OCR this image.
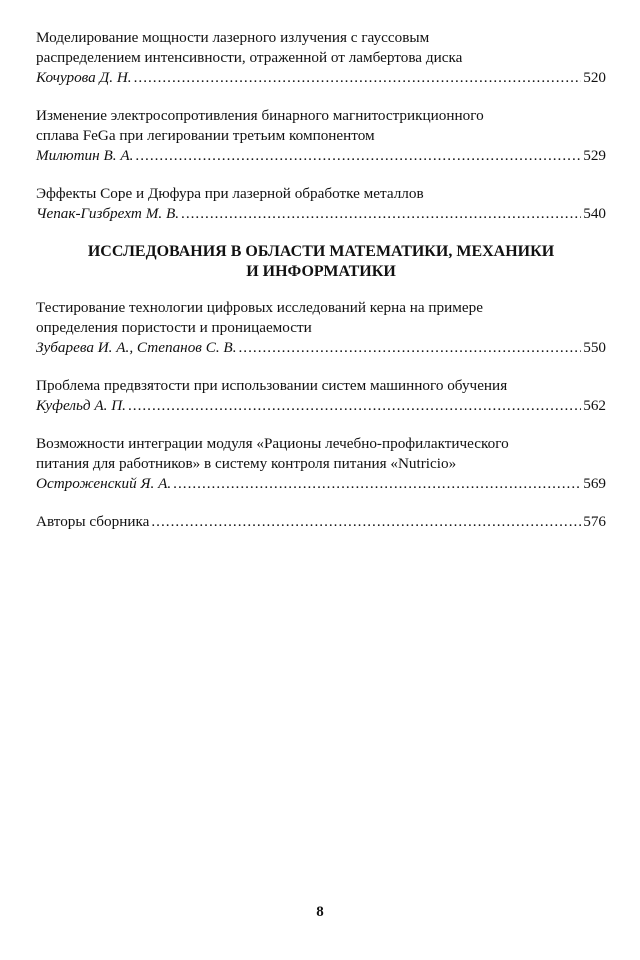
Моделирование мощности лазерного излучения с гауссовым
распределением интенсивности, отраженной от ламбертова диска
Кочурова Д. Н. .....	520
Изменение электросопротивления бинарного магнитострикционного
сплава FeGa при легировании третьим компонентом
Милютин В. А. .....	529
Эффекты Соре и Дюфура при лазерной обработке металлов
Чепак-Гизбрехт М. В. .....	540
ИССЛЕДОВАНИЯ В ОБЛАСТИ МАТЕМАТИКИ, МЕХАНИКИ
И ИНФОРМАТИКИ
Тестирование технологии цифровых исследований керна на примере
определения пористости и проницаемости
Зубарева И. А., Степанов С. В. .....	550
Проблема предвзятости при использовании систем машинного обучения
Куфельд А. П. .....	562
Возможности интеграции модуля «Рационы лечебно-профилактического
питания для работников» в систему контроля питания «Nutricio»
Остроженский Я. А. .....	569
Авторы сборника .....	576
8
